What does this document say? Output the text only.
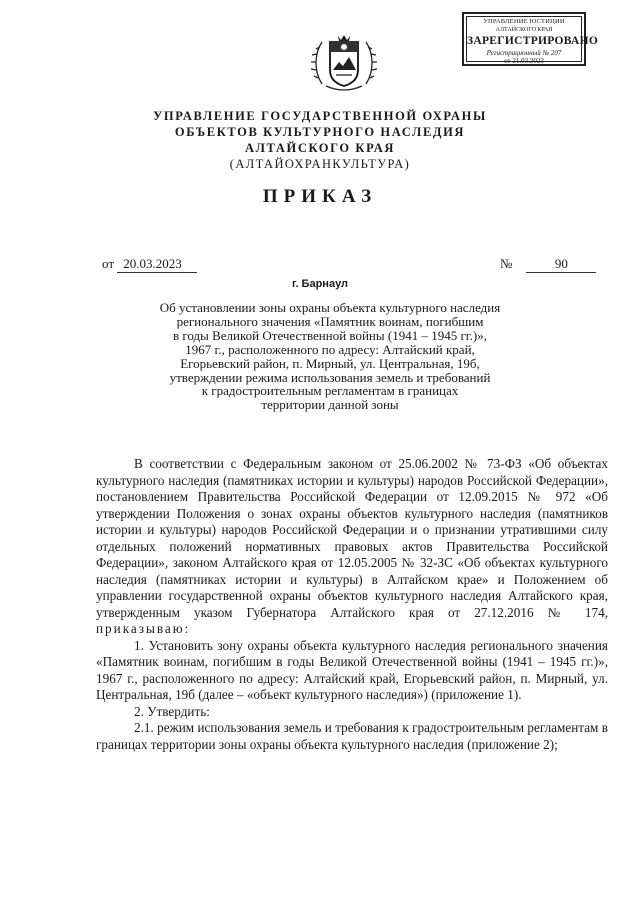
УПРАВЛЕНИЕ ЮСТИЦИИ
АЛТАЙСКОГО КРАЯ
ЗАРЕГИСТРИРОВАНО
Регистрационный № 207
от 21.03.2023
УПРАВЛЕНИЕ ГОСУДАРСТВЕННОЙ ОХРАНЫ
ОБЪЕКТОВ КУЛЬТУРНОГО НАСЛЕДИЯ
АЛТАЙСКОГО КРАЯ
(АЛТАЙОХРАНКУЛЬТУРА)
ПРИКАЗ
от 20.03.2023	№	90
г. Барнаул
Об установлении зоны охраны объекта культурного наследия
регионального значения «Памятник воинам, погибшим
в годы Великой Отечественной войны (1941 – 1945 гг.)»,
1967 г., расположенного по адресу: Алтайский край,
Егорьевский район, п. Мирный, ул. Центральная, 19б,
утверждении режима использования земель и требований
к градостроительным регламентам в границах
территории данной зоны

В соответствии с Федеральным законом от 25.06.2002 № 73-ФЗ «Об объектах культурного наследия (памятниках истории и культуры) народов Российской Федерации», постановлением Правительства Российской Федерации от 12.09.2015 № 972 «Об утверждении Положения о зонах охраны объектов культурного наследия (памятников истории и культуры) народов Российской Федерации и о признании утратившими силу отдельных положений нормативных правовых актов Правительства Российской Федерации», законом Алтайского края от 12.05.2005 № 32-ЗС «Об объектах культурного наследия (памятниках истории и культуры) в Алтайском крае» и Положением об управлении государственной охраны объектов культурного наследия Алтайского края, утвержденным указом Губернатора Алтайского края от 27.12.2016 № 174, приказываю:

1. Установить зону охраны объекта культурного наследия регионального значения «Памятник воинам, погибшим в годы Великой Отечественной войны (1941 – 1945 гг.)», 1967 г., расположенного по адресу: Алтайский край, Егорьевский район, п. Мирный, ул. Центральная, 19б (далее – «объект культурного наследия») (приложение 1).

2. Утвердить:

2.1. режим использования земель и требования к градостроительным регламентам в границах территории зоны охраны объекта культурного наследия (приложение 2);
